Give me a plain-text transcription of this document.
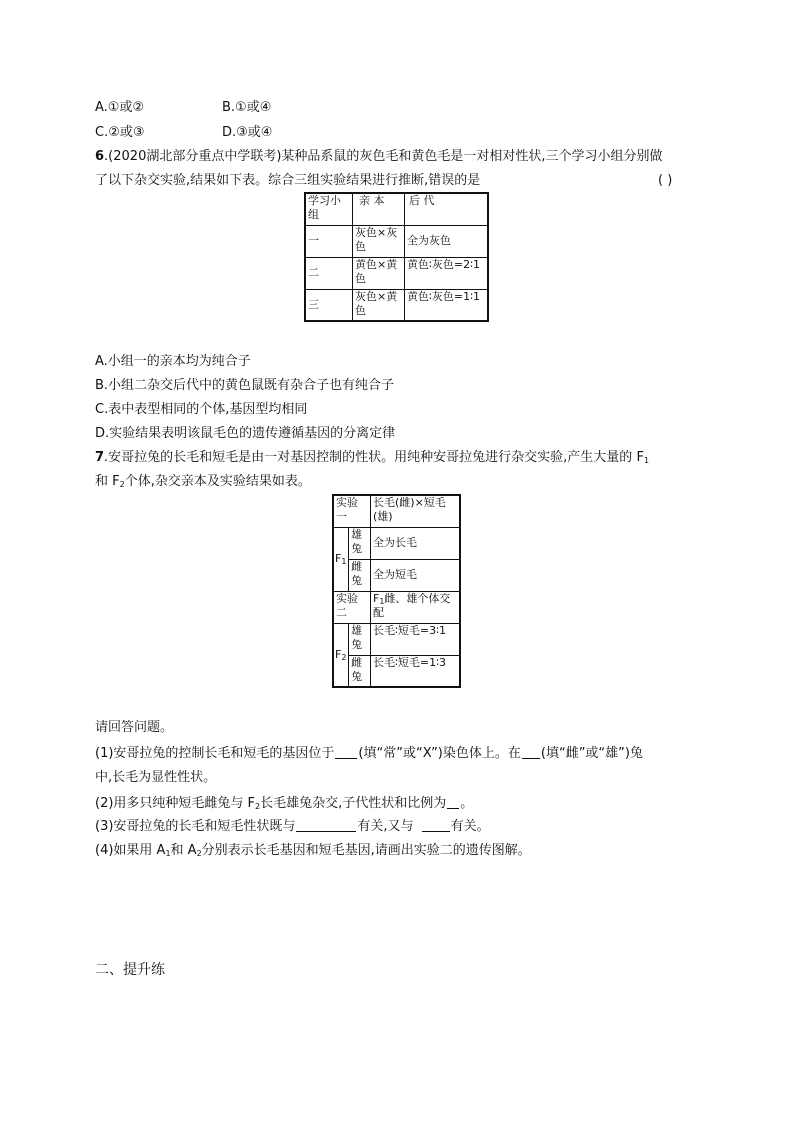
A.①或②	B.①或④
C.②或③	D.③或④
6.(2020湖北部分重点中学联考)某种品系鼠的灰色毛和黄色毛是一对相对性状,三个学习小组分别做
了以下杂交实验,结果如下表。综合三组实验结果进行推断,错误的是	( )
学习小组	亲 本	后 代
一	灰色×灰色	全为灰色
二	黄色×黄色	黄色∶灰色=2∶1
三	灰色×黄色	黄色∶灰色=1∶1
A.小组一的亲本均为纯合子
B.小组二杂交后代中的黄色鼠既有杂合子也有纯合子
C.表中表型相同的个体,基因型均相同
D.实验结果表明该鼠毛色的遗传遵循基因的分离定律
7.安哥拉兔的长毛和短毛是由一对基因控制的性状。用纯种安哥拉兔进行杂交实验,产生大量的 $F_1$
和 $F_2$个体,杂交亲本及实验结果如表。
实验一		长毛(雌)×短毛(雄)
$F_1$	雄兔	全为长毛
	雌兔	全为短毛
实验二		$F_1$雌、雄个体交配
$F_2$	雄兔	长毛∶短毛=3∶1
	雌兔	长毛∶短毛=1∶3
请回答问题。
(1)安哥拉兔的控制长毛和短毛的基因位于 (填“常”或“X”)染色体上。在 (填“雌”或“雄”)兔
中,长毛为显性性状。
(2)用多只纯种短毛雌兔与 $F_2$长毛雄兔杂交,子代性状和比例为 。
(3)安哥拉兔的长毛和短毛性状既与	有关,又与	有关。
(4)如果用 $A_1$和 $A_2$分别表示长毛基因和短毛基因,请画出实验二的遗传图解。
二、提升练
